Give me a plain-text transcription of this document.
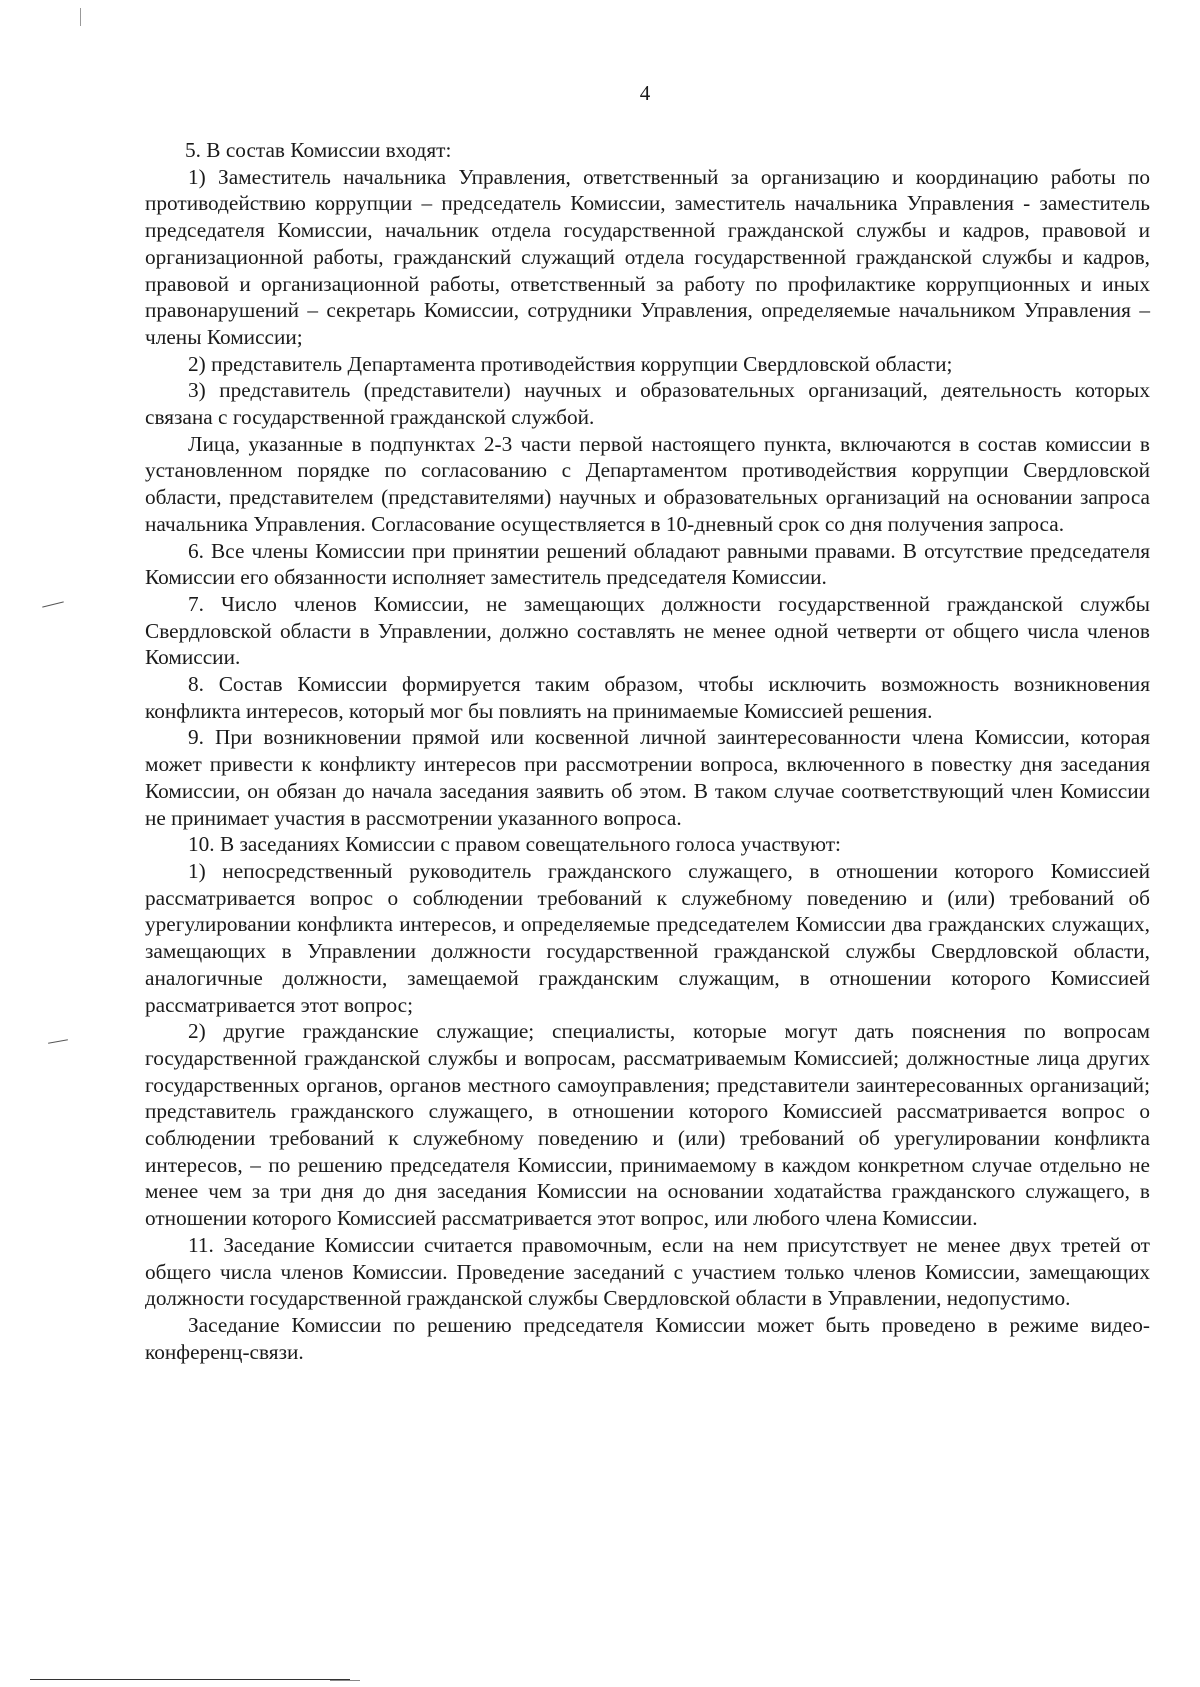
4

5. В состав Комиссии входят:

1) Заместитель начальника Управления, ответственный за организацию и координацию работы по противодействию коррупции – председатель Комиссии, заместитель начальника Управления - заместитель председателя Комиссии, начальник отдела государственной гражданской службы и кадров, правовой и организационной работы, гражданский служащий отдела государственной гражданской службы и кадров, правовой и организационной работы, ответственный за работу по профилактике коррупционных и иных правонарушений – секретарь Комиссии, сотрудники Управления, определяемые начальником Управления – члены Комиссии;

2) представитель Департамента противодействия коррупции Свердловской области;

3) представитель (представители) научных и образовательных организаций, деятельность которых связана с государственной гражданской службой.

Лица, указанные в подпунктах 2-3 части первой настоящего пункта, включаются в состав комиссии в установленном порядке по согласованию с Департаментом противодействия коррупции Свердловской области, представителем (представителями) научных и образовательных организаций на основании запроса начальника Управления. Согласование осуществляется в 10-дневный срок со дня получения запроса.

6. Все члены Комиссии при принятии решений обладают равными правами. В отсутствие председателя Комиссии его обязанности исполняет заместитель председателя Комиссии.

7. Число членов Комиссии, не замещающих должности государственной гражданской службы Свердловской области в Управлении, должно составлять не менее одной четверти от общего числа членов Комиссии.

8. Состав Комиссии формируется таким образом, чтобы исключить возможность возникновения конфликта интересов, который мог бы повлиять на принимаемые Комиссией решения.

9. При возникновении прямой или косвенной личной заинтересованности члена Комиссии, которая может привести к конфликту интересов при рассмотрении вопроса, включенного в повестку дня заседания Комиссии, он обязан до начала заседания заявить об этом. В таком случае соответствующий член Комиссии не принимает участия в рассмотрении указанного вопроса.

10. В заседаниях Комиссии с правом совещательного голоса участвуют:

1) непосредственный руководитель гражданского служащего, в отношении которого Комиссией рассматривается вопрос о соблюдении требований к служебному поведению и (или) требований об урегулировании конфликта интересов, и определяемые председателем Комиссии два гражданских служащих, замещающих в Управлении должности государственной гражданской службы Свердловской области, аналогичные должности, замещаемой гражданским служащим, в отношении которого Комиссией рассматривается этот вопрос;

2) другие гражданские служащие; специалисты, которые могут дать пояснения по вопросам государственной гражданской службы и вопросам, рассматриваемым Комиссией; должностные лица других государственных органов, органов местного самоуправления; представители заинтересованных организаций; представитель гражданского служащего, в отношении которого Комиссией рассматривается вопрос о соблюдении требований к служебному поведению и (или) требований об урегулировании конфликта интересов, – по решению председателя Комиссии, принимаемому в каждом конкретном случае отдельно не менее чем за три дня до дня заседания Комиссии на основании ходатайства гражданского служащего, в отношении которого Комиссией рассматривается этот вопрос, или любого члена Комиссии.

11. Заседание Комиссии считается правомочным, если на нем присутствует не менее двух третей от общего числа членов Комиссии. Проведение заседаний с участием только членов Комиссии, замещающих должности государственной гражданской службы Свердловской области в Управлении, недопустимо.

Заседание Комиссии по решению председателя Комиссии может быть проведено в режиме видео-конференц-связи.
